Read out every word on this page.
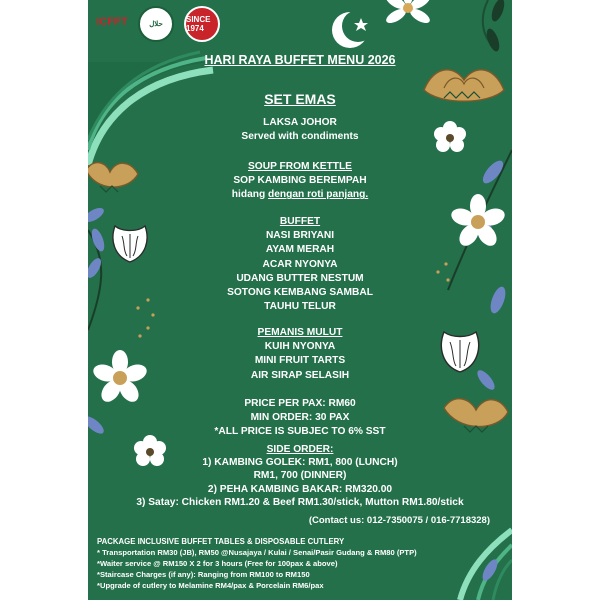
ICFFT	حلال
SINCE 1974
HARI RAYA BUFFET MENU 2026
SET EMAS
LAKSA JOHOR
Served with condiments
SOUP FROM KETTLE
SOP KAMBING BEREMPAH
hidang dengan roti panjang.
BUFFET
NASI BRIYANI
AYAM MERAH
ACAR NYONYA
UDANG BUTTER NESTUM
SOTONG KEMBANG SAMBAL
TAUHU TELUR
PEMANIS MULUT
KUIH NYONYA
MINI FRUIT TARTS
AIR SIRAP SELASIH
PRICE PER PAX: RM60
MIN ORDER: 30 PAX
*ALL PRICE IS SUBJEC TO 6% SST
SIDE ORDER:
1) KAMBING GOLEK: RM1, 800 (LUNCH)
RM1, 700 (DINNER)
2) PEHA KAMBING BAKAR: RM320.00
3) Satay: Chicken RM1.20 & Beef RM1.30/stick, Mutton RM1.80/stick
(Contact us: 012-7350075 / 016-7718328)
PACKAGE INCLUSIVE BUFFET TABLES & DISPOSABLE CUTLERY
* Transportation RM30 (JB), RM50 @Nusajaya / Kulai / Senai/Pasir Gudang & RM80 (PTP)
*Waiter service @ RM150 X 2 for 3 hours (Free for 100pax & above)
*Staircase Charges (if any): Ranging from RM100 to RM150
*Upgrade of cutlery to Melamine RM4/pax & Porcelain RM6/pax
